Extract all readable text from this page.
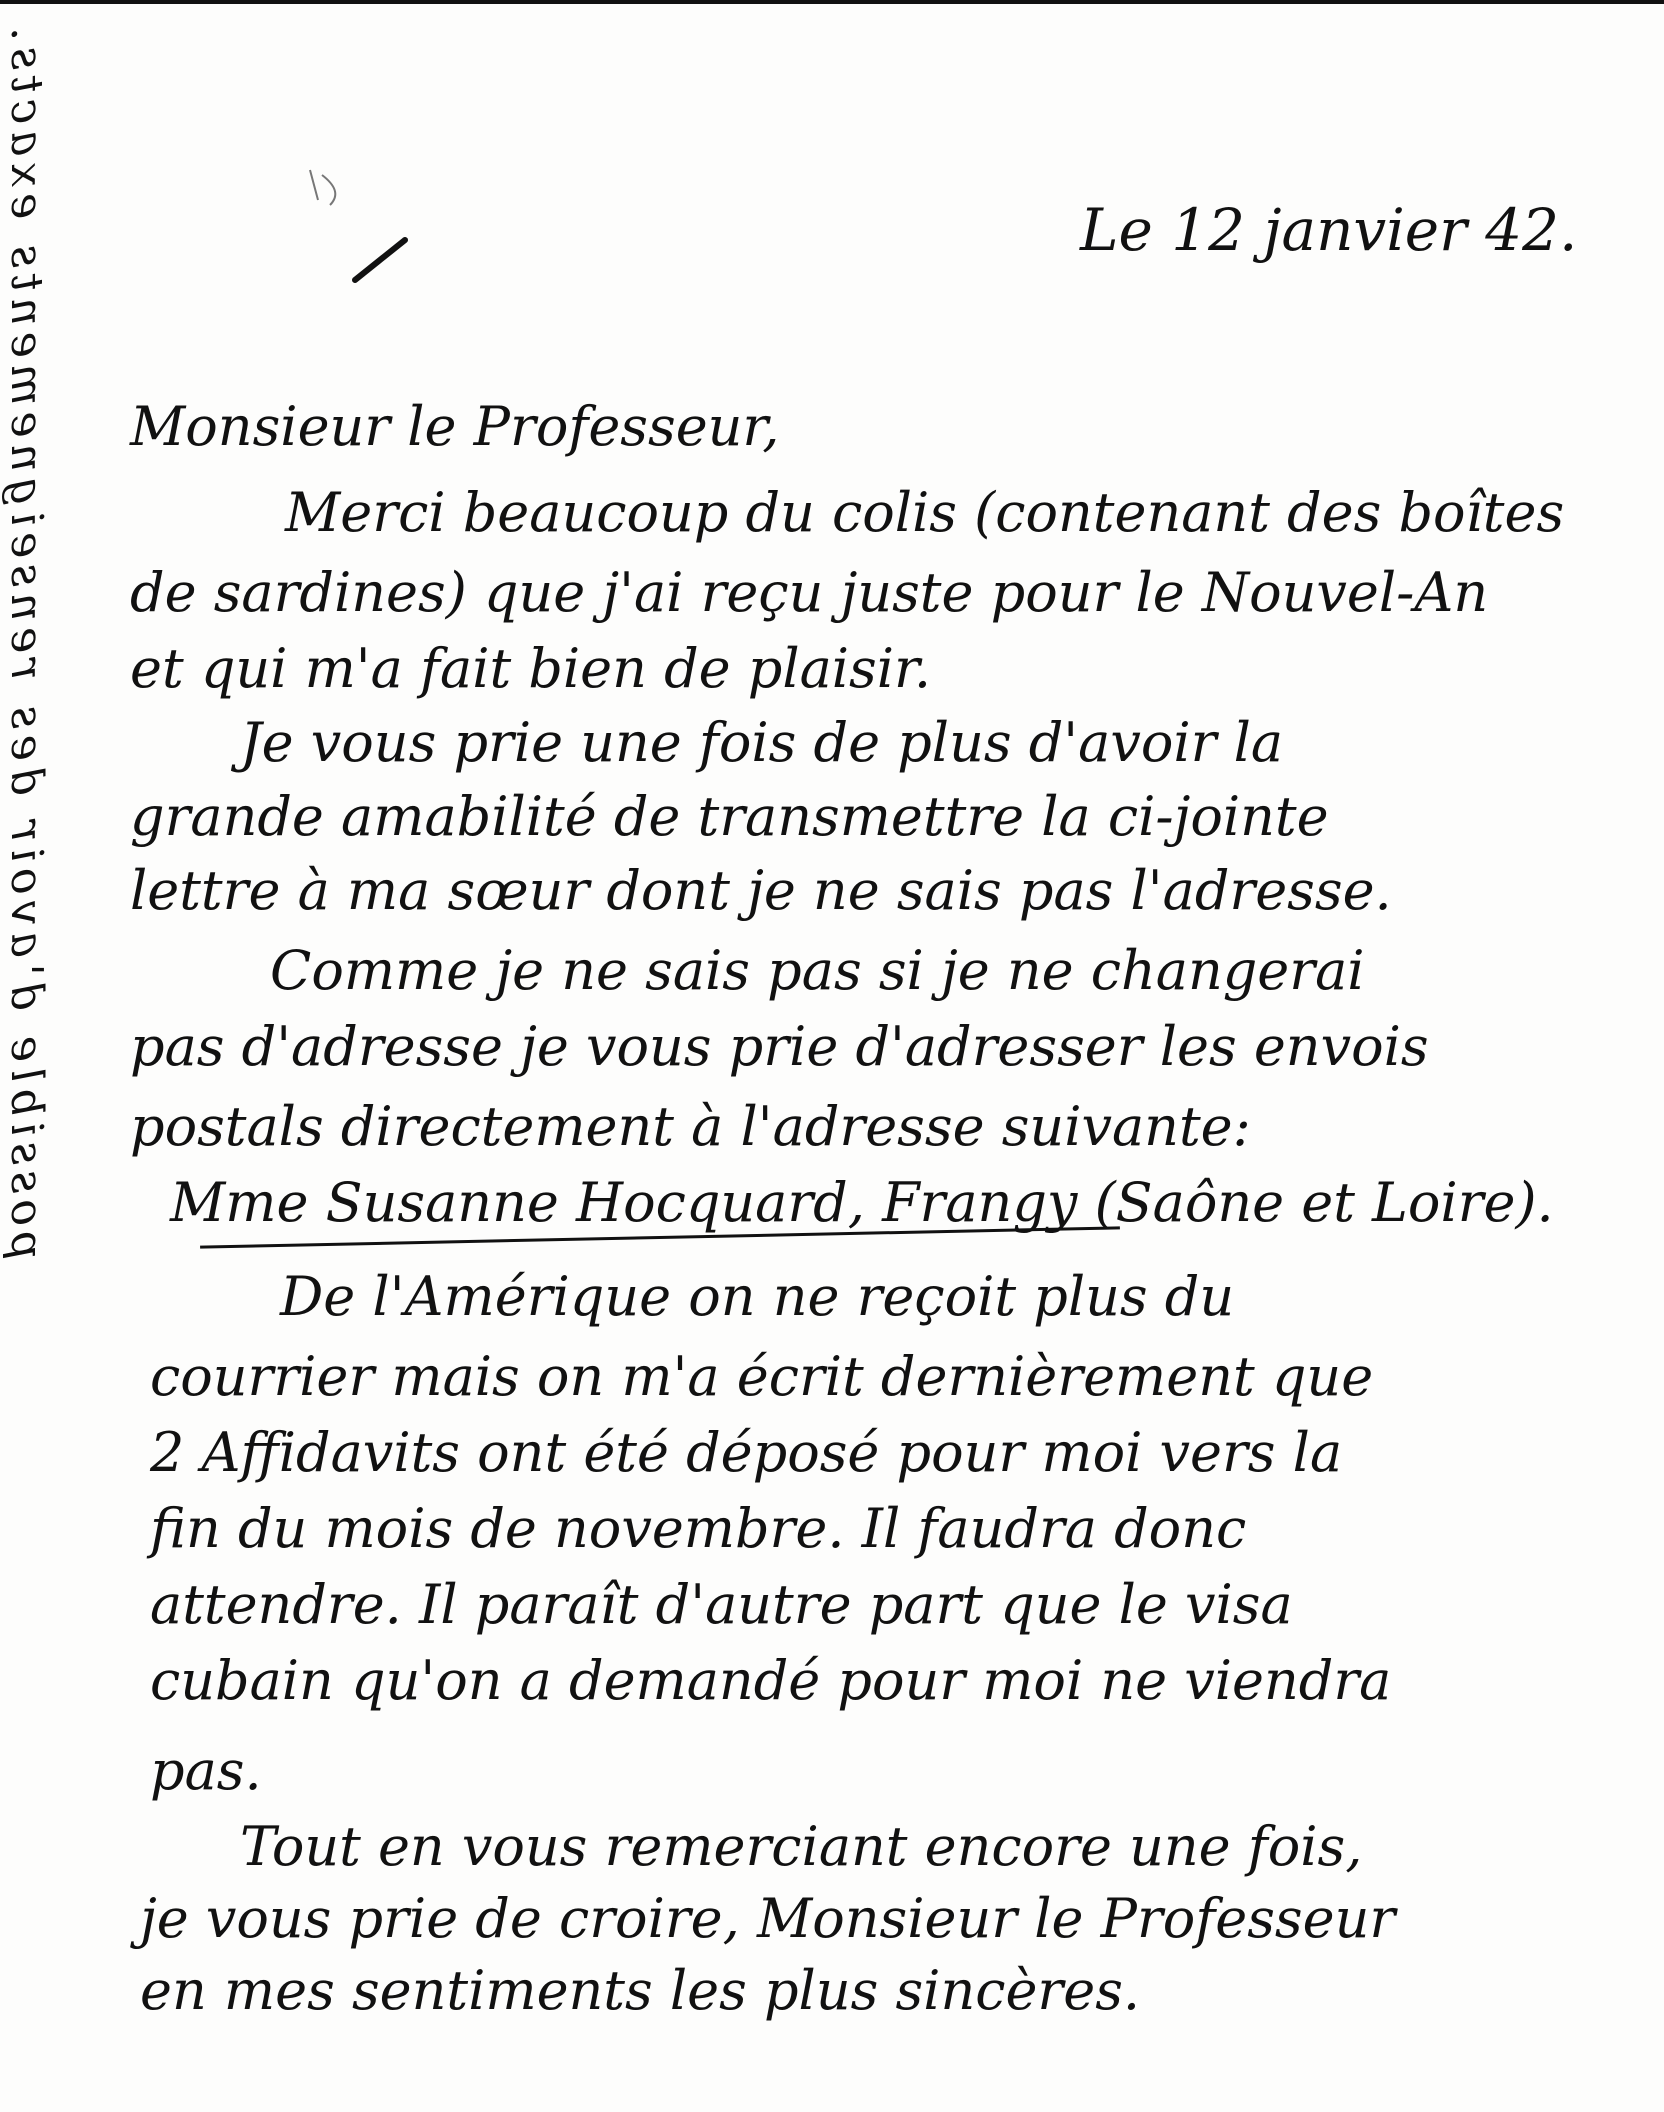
possible d'avoir des renseignements exacts.	Le 12 janvier 42.
Monsieur le Professeur,
Merci beaucoup du colis (contenant des boîtes
de sardines) que j'ai reçu juste pour le Nouvel-An
et qui m'a fait bien de plaisir.
Je vous prie une fois de plus d'avoir la
grande amabilité de transmettre la ci-jointe
lettre à ma sœur dont je ne sais pas l'adresse.
Comme je ne sais pas si je ne changerai
pas d'adresse je vous prie d'adresser les envois
postals directement à l'adresse suivante:
Mme Susanne Hocquard, Frangy (Saône et Loire).
De l'Amérique on ne reçoit plus du
courrier mais on m'a écrit dernièrement que
2 Affidavits ont été déposé pour moi vers la
fin du mois de novembre. Il faudra donc
attendre. Il paraît d'autre part que le visa
cubain qu'on a demandé pour moi ne viendra
pas.
Tout en vous remerciant encore une fois,
je vous prie de croire, Monsieur le Professeur
en mes sentiments les plus sincères.
